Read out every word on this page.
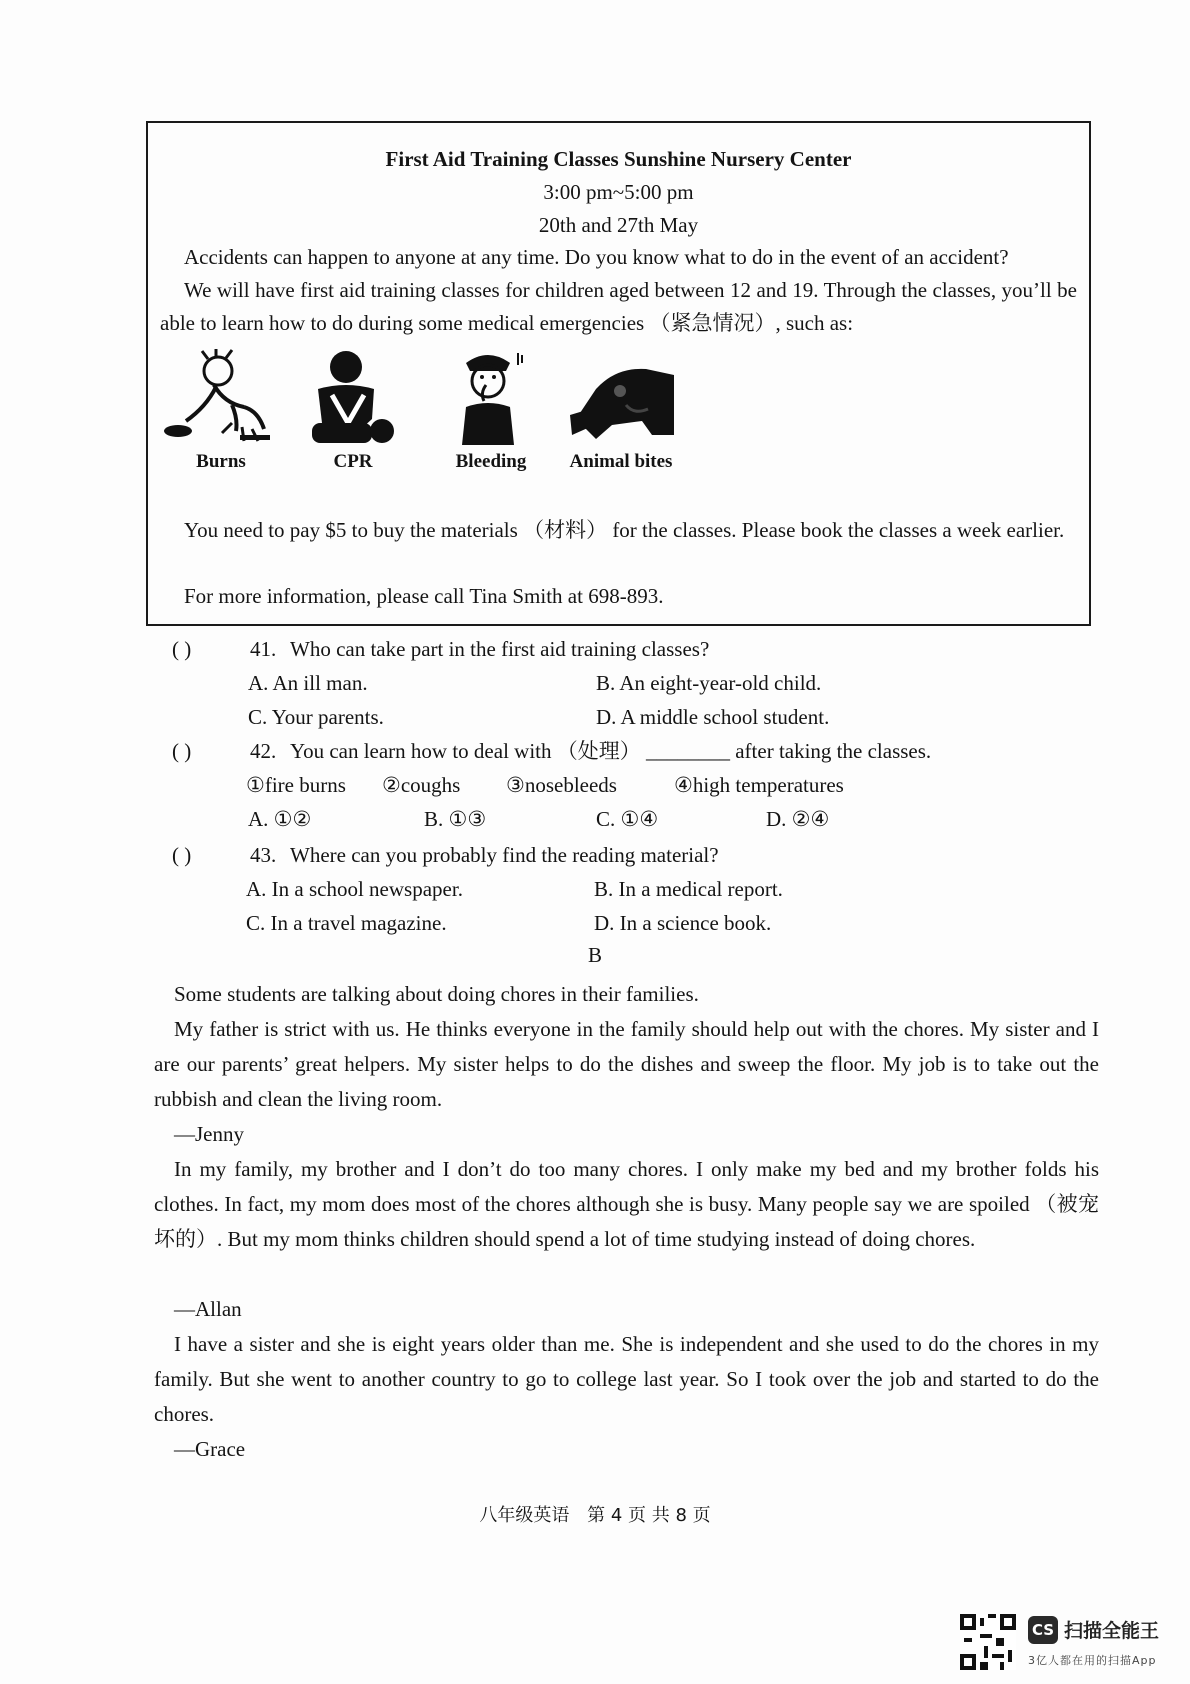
First Aid Training Classes Sunshine Nursery Center
3:00 pm~5:00 pm
20th and 27th May
Accidents can happen to anyone at any time. Do you know what to do in the event of an accident?
We will have first aid training classes for children aged between 12 and 19. Through the classes, you’ll be able to learn how to do during some medical emergencies （紧急情况）, such as:
Burns	CPR	Bleeding	Animal bites
You need to pay $5 to buy the materials （材料） for the classes. Please book the classes a week earlier.
For more information, please call Tina Smith at 698-893.
( )	41. Who can take part in the first aid training classes?
A. An ill man.	B. An eight-year-old child.
C. Your parents.	D. A middle school student.
( )	42. You can learn how to deal with （处理） ________ after taking the classes.
①fire burns ②coughs ③nosebleeds	④high temperatures
A. ①②	B. ①③	C. ①④	D. ②④
( )	43. Where can you probably find the reading material?
A. In a school newspaper.	B. In a medical report.
C. In a travel magazine.	D. In a science book.
B
Some students are talking about doing chores in their families.
My father is strict with us. He thinks everyone in the family should help out with the chores. My sister and I are our parents’ great helpers. My sister helps to do the dishes and sweep the floor. My job is to take out the rubbish and clean the living room.
—Jenny
In my family, my brother and I don’t do too many chores. I only make my bed and my brother folds his clothes. In fact, my mom does most of the chores although she is busy. Many people say we are spoiled （被宠坏的）. But my mom thinks children should spend a lot of time studying instead of doing chores.
—Allan
I have a sister and she is eight years older than me. She is independent and she used to do the chores in my family. But she went to another country to go to college last year. So I took over the job and started to do the chores.
—Grace
八年级英语 第 4 页 共 8 页
CS 扫描全能王
3亿人都在用的扫描App
